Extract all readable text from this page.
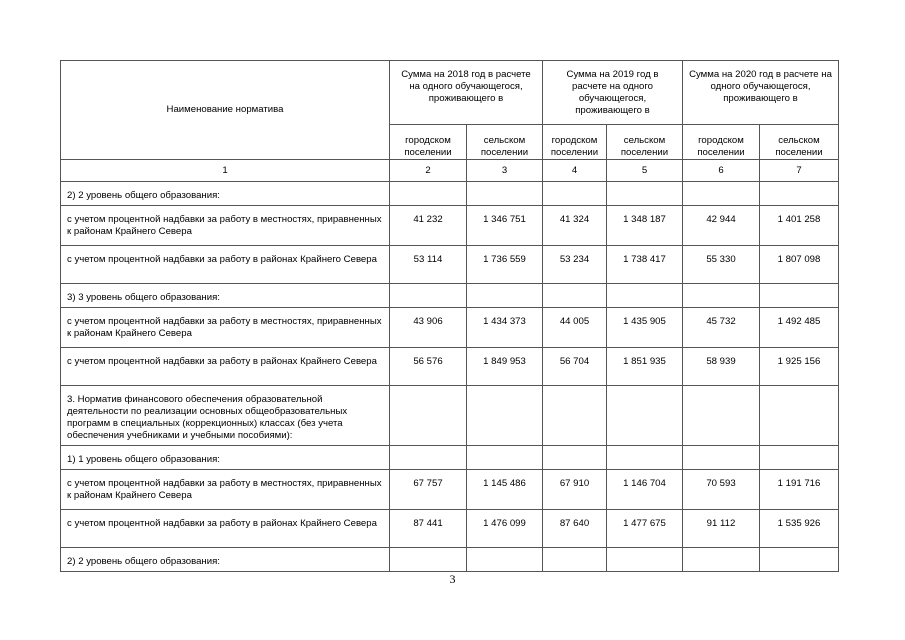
Наименование норматива	Сумма на 2018 год в расчете на одного обучающегося, проживающего в		Сумма на 2019 год в расчете на одного обучающегося, проживающего в		Сумма на 2020 год в расчете на одного обучающегося, проживающего в	
	городском поселении	сельском поселении	городском поселении	сельском поселении	городском поселении	сельском поселении
1	2	3	4	5	6	7
2) 2 уровень общего образования:						
с учетом процентной надбавки за работу в местностях, приравненных к районам Крайнего Севера	41 232	1 346 751	41 324	1 348 187	42 944	1 401 258
с учетом процентной надбавки за работу в районах Крайнего Севера	53 114	1 736 559	53 234	1 738 417	55 330	1 807 098
3) 3 уровень общего образования:						
с учетом процентной надбавки за работу в местностях, приравненных к районам Крайнего Севера	43 906	1 434 373	44 005	1 435 905	45 732	1 492 485
с учетом процентной надбавки за работу в районах Крайнего Севера	56 576	1 849 953	56 704	1 851 935	58 939	1 925 156
3. Норматив финансового обеспечения образовательной деятельности по реализации основных общеобразовательных программ в специальных (коррекционных) классах (без учета обеспечения учебниками и учебными пособиями):						
1) 1 уровень общего образования:						
с учетом процентной надбавки за работу в местностях, приравненных к районам Крайнего Севера	67 757	1 145 486	67 910	1 146 704	70 593	1 191 716
с учетом процентной надбавки за работу в районах Крайнего Севера	87 441	1 476 099	87 640	1 477 675	91 112	1 535 926
2) 2 уровень общего образования:						
3
